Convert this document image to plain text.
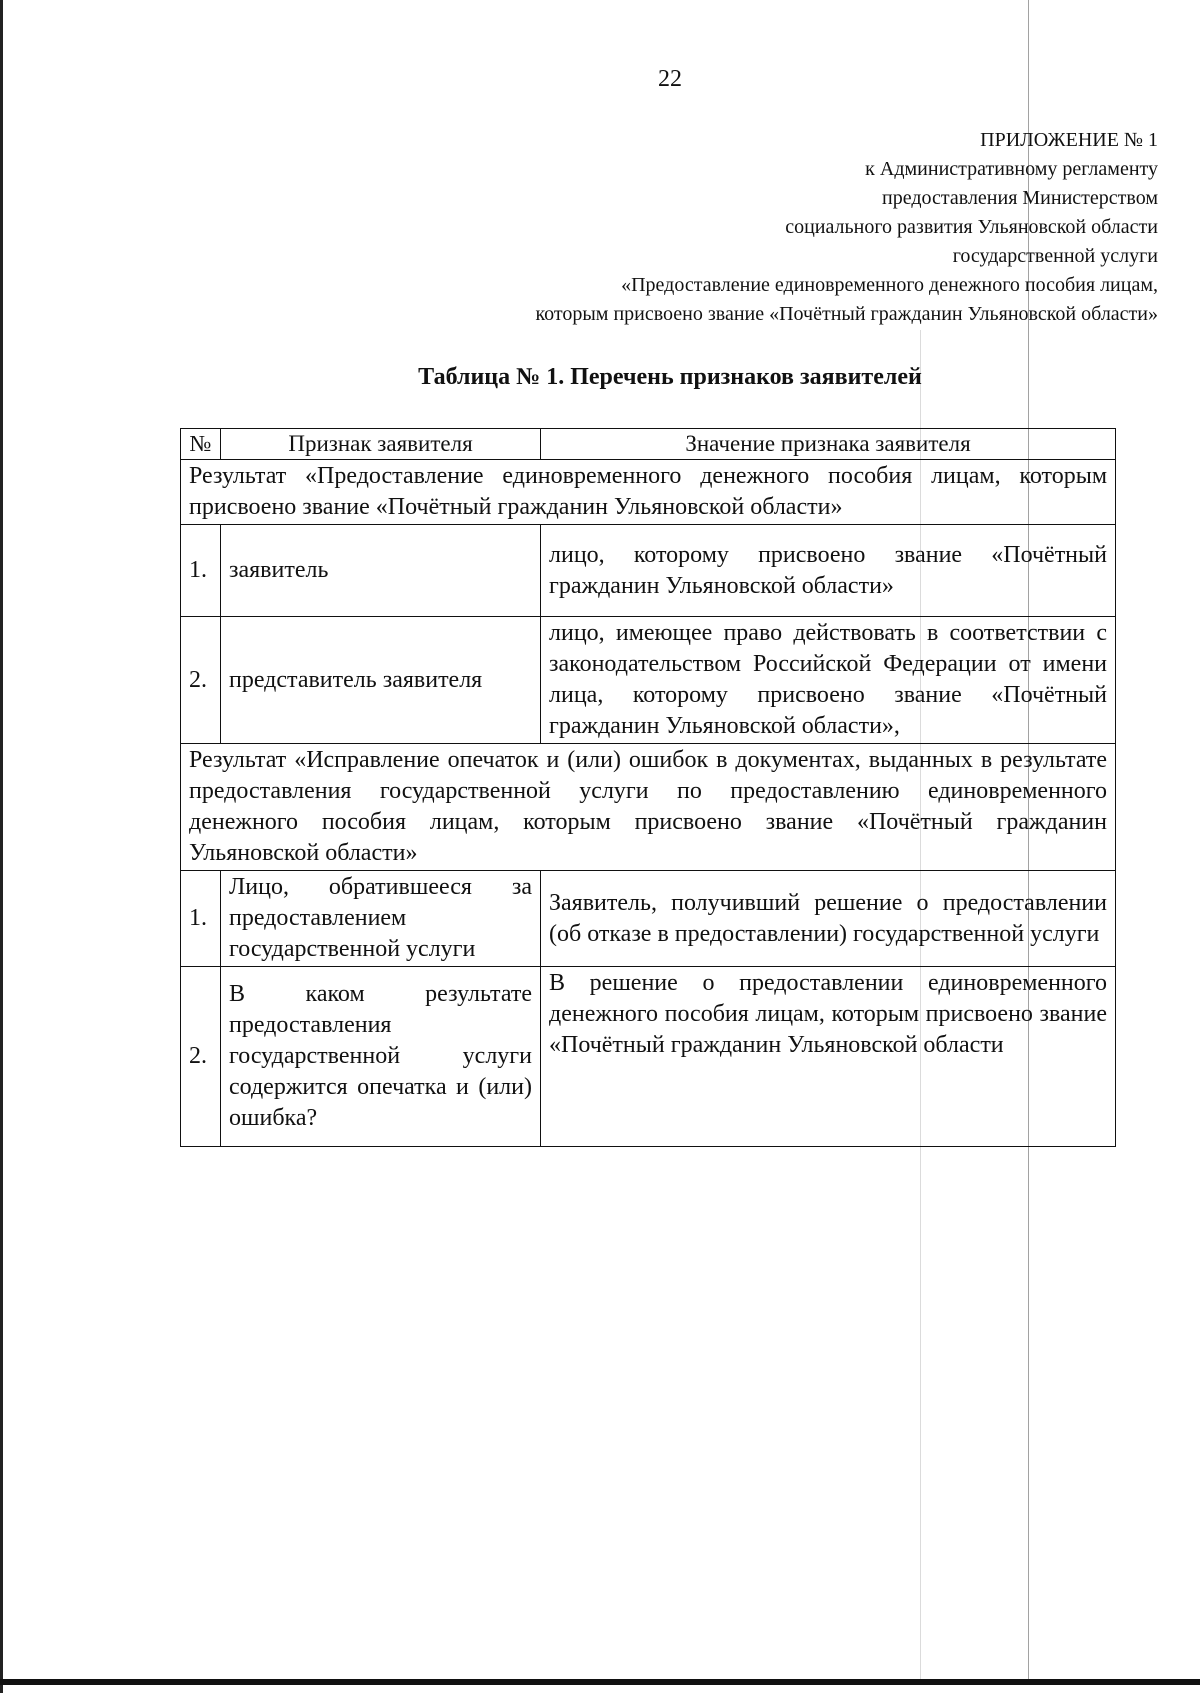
22
ПРИЛОЖЕНИЕ № 1
к Административному регламенту
предоставления Министерством
социального развития Ульяновской области
государственной услуги
«Предоставление единовременного денежного пособия лицам,
которым присвоено звание «Почётный гражданин Ульяновской области»
Таблица № 1. Перечень признаков заявителей
№	Признак заявителя	Значение признака заявителя
Результат «Предоставление единовременного денежного пособия лицам, которым присвоено звание «Почётный гражданин Ульяновской области»		
1.	заявитель	лицо, которому присвоено звание «Почётный гражданин Ульяновской области»
2.	представитель заявителя	лицо, имеющее право действовать в соответствии с законодательством Российской Федерации от имени лица, которому присвоено звание «Почётный гражданин Ульяновской области»,
Результат «Исправление опечаток и (или) ошибок в документах, выданных в результате предоставления государственной услуги по предоставлению единовременного денежного пособия лицам, которым присвоено звание «Почётный гражданин Ульяновской области»		
1.	Лицо, обратившееся за предоставлением государственной услуги	Заявитель, получивший решение о предоставлении (об отказе в предоставлении) государственной услуги
2.	В каком результате предоставления государственной услуги содержится опечатка и (или) ошибка?	В решение о предоставлении единовременного денежного пособия лицам, которым присвоено звание «Почётный гражданин Ульяновской области
